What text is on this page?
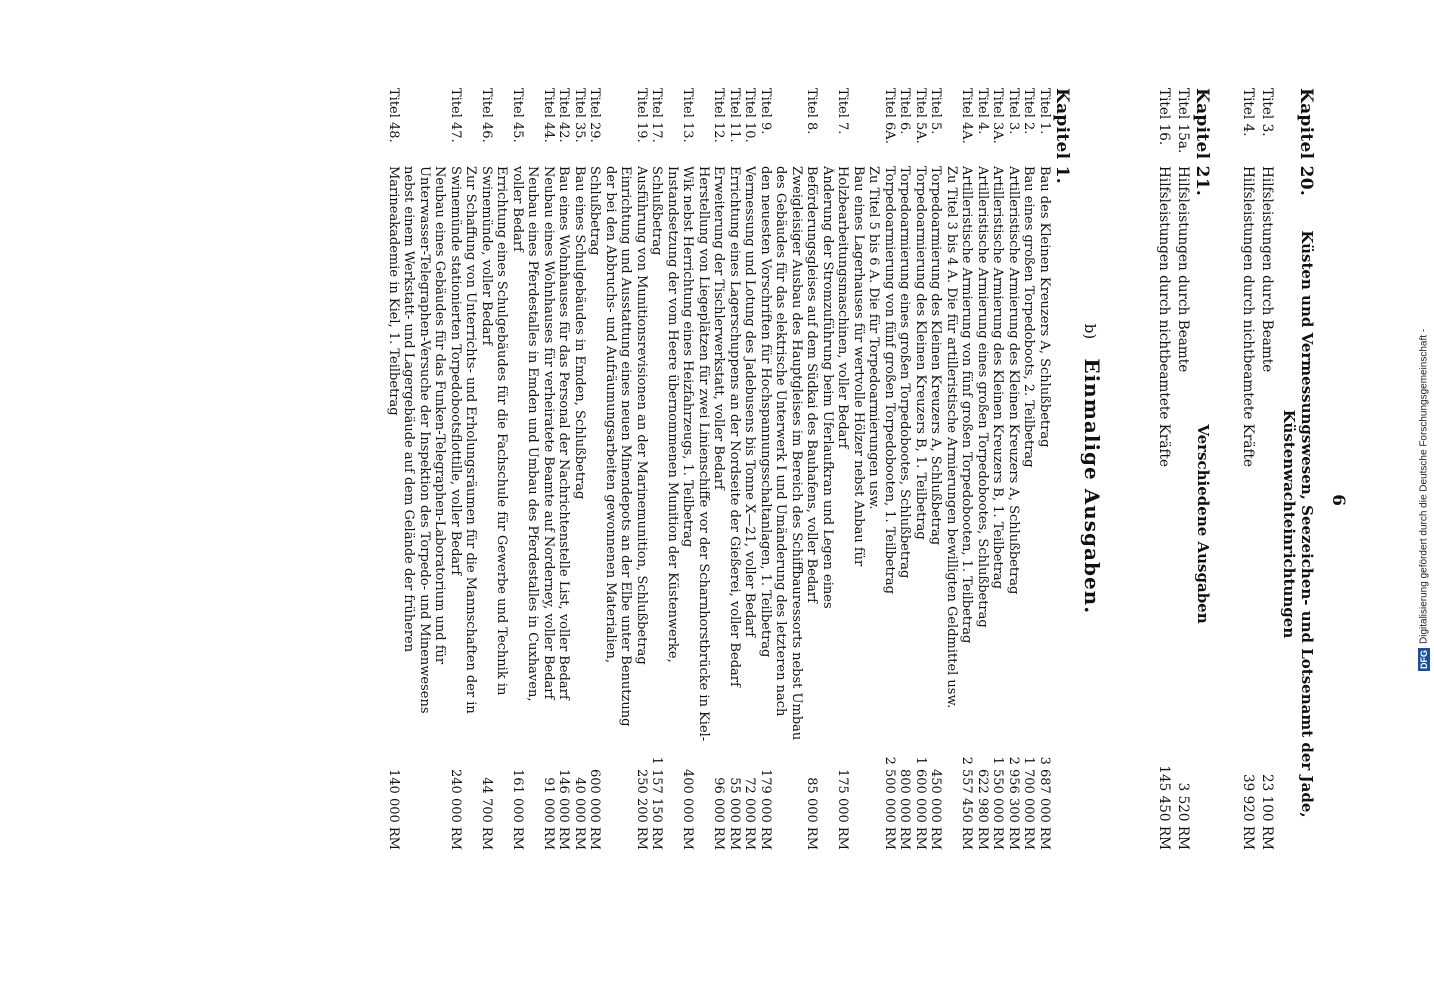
6
Kapitel 20.
Küsten und Vermessungswesen, Seezeichen- und Lotsenamt der Jade,
Küstenwachteinrichtungen
Titel 3.
Hilfsleistungen durch Beamte
23 100 RM
Titel 4.
Hilfsleistungen durch nichtbeamtete Kräfte
39 920 RM
Kapitel 21.
Verschiedene Ausgaben
Titel 15a.
Hilfsleistungen durch Beamte
3 520 RM
Titel 16.
Hilfsleistungen durch nichtbeamtete Kräfte
145 450 RM
b) Einmalige Ausgaben.
Kapitel 1.
Titel 1.
Bau des Kleinen Kreuzers A, Schlußbetrag
3 687 000 RM
Titel 2.
Bau eines großen Torpedoboots, 2. Teilbetrag
1 700 000 RM
Titel 3.
Artilleristische Armierung des Kleinen Kreuzers A, Schlußbetrag
2 956 300 RM
Titel 3A.
Artilleristische Armierung des Kleinen Kreuzers B, 1. Teilbetrag
1 550 000 RM
Titel 4.
Artilleristische Armierung eines großen Torpedobootes, Schlußbetrag
622 980 RM
Titel 4A.
Artilleristische Armierung von fünf großen Torpedobooten, 1. Teilbetrag
2 557 450 RM
Zu Titel 3 bis 4 A. Die für artilleristische Armierungen bewilligten Geldmittel usw.
Titel 5.
Torpedoarmierung des Kleinen Kreuzers A, Schlußbetrag
450 000 RM
Titel 5A.
Torpedoarmierung des Kleinen Kreuzers B, 1. Teilbetrag
1 600 000 RM
Titel 6.
Torpedoarmierung eines großen Torpedobootes, Schlußbetrag
800 000 RM
Titel 6A.
Torpedoarmierung von fünf großen Torpedobooten, 1. Teilbetrag
2 500 000 RM
Zu Titel 5 bis 6 A. Die für Torpedoarmierungen usw.
Titel 7.
Bau eines Lagerhauses für wertvolle Hölzer nebst Anbau für Holzbearbeitungsmaschinen, voller Bedarf
175 000 RM
Titel 8.
Änderung der Stromzuführung beim Uferlaufkran und Legen eines Beförderungsgleises auf dem Südkai des Bauhafens, voller Bedarf
85 000 RM
Titel 9.
Zweigleisiger Ausbau des Hauptgleises im Bereich des Schiffbauressorts nebst Umbau des Gebäudes für das elektrische Unterwerk I und Umänderung des letzteren nach den neuesten Vorschriften für Hochspannungsschaltanlagen, 1. Teilbetrag
179 000 RM
Titel 10.
Vermessung und Lotung des Jadebusens bis Tonne X—21, voller Bedarf
72 000 RM
Titel 11.
Errichtung eines Lagerschuppens an der Nordseite der Gießerei, voller Bedarf
55 000 RM
Titel 12.
Erweiterung der Tischlerwerkstatt, voller Bedarf
96 000 RM
Titel 13.
Herstellung von Liegeplätzen für zwei Linienschiffe vor der Scharnhorstbrücke in Kiel-Wik nebst Herrichtung eines Heizfahrzeugs, 1. Teilbetrag
400 000 RM
Titel 17.
Instandsetzung der vom Heere übernommenen Munition der Küstenwerke, Schlußbetrag
1 157 150 RM
Titel 19.
Ausführung von Munitionsrevisionen an der Marinemunition, Schlußbetrag
250 200 RM
Titel 29.
Einrichtung und Ausstattung eines neuen Minendepots an der Elbe unter Benutzung der bei den Abbruchs- und Aufräumungsarbeiten gewonnenen Materialien, Schlußbetrag
600 000 RM
Titel 35.
Bau eines Schulgebäudes in Emden, Schlußbetrag
40 000 RM
Titel 42.
Bau eines Wohnhauses für das Personal der Nachrichtenstelle List, voller Bedarf
146 000 RM
Titel 44.
Neubau eines Wohnhauses für verheiratete Beamte auf Norderney, voller Bedarf
91 000 RM
Titel 45.
Neubau eines Pferdestalles in Emden und Umbau des Pferdestalles in Cuxhaven, voller Bedarf
161 000 RM
Titel 46.
Errichtung eines Schulgebäudes für die Fachschule für Gewerbe und Technik in Swinemünde, voller Bedarf
44 700 RM
Titel 47.
Zur Schaffung von Unterrichts- und Erholungsräumen für die Mannschaften der in Swinemünde stationierten Torpedobootsflottille, voller Bedarf
240 000 RM
Titel 48.
Neubau eines Gebäudes für das Funken-Telegraphen-Laboratorium und für Unterwasser-Telegraphen-Versuche der Inspektion des Torpedo- und Minenwesens nebst einem Werkstatt- und Lagergebäude auf dem Gelände der früheren Marineakademie in Kiel, 1. Teilbetrag
140 000 RM
DFG
Digitalisierung gefördert durch die Deutsche Forschungsgemeinschaft -
